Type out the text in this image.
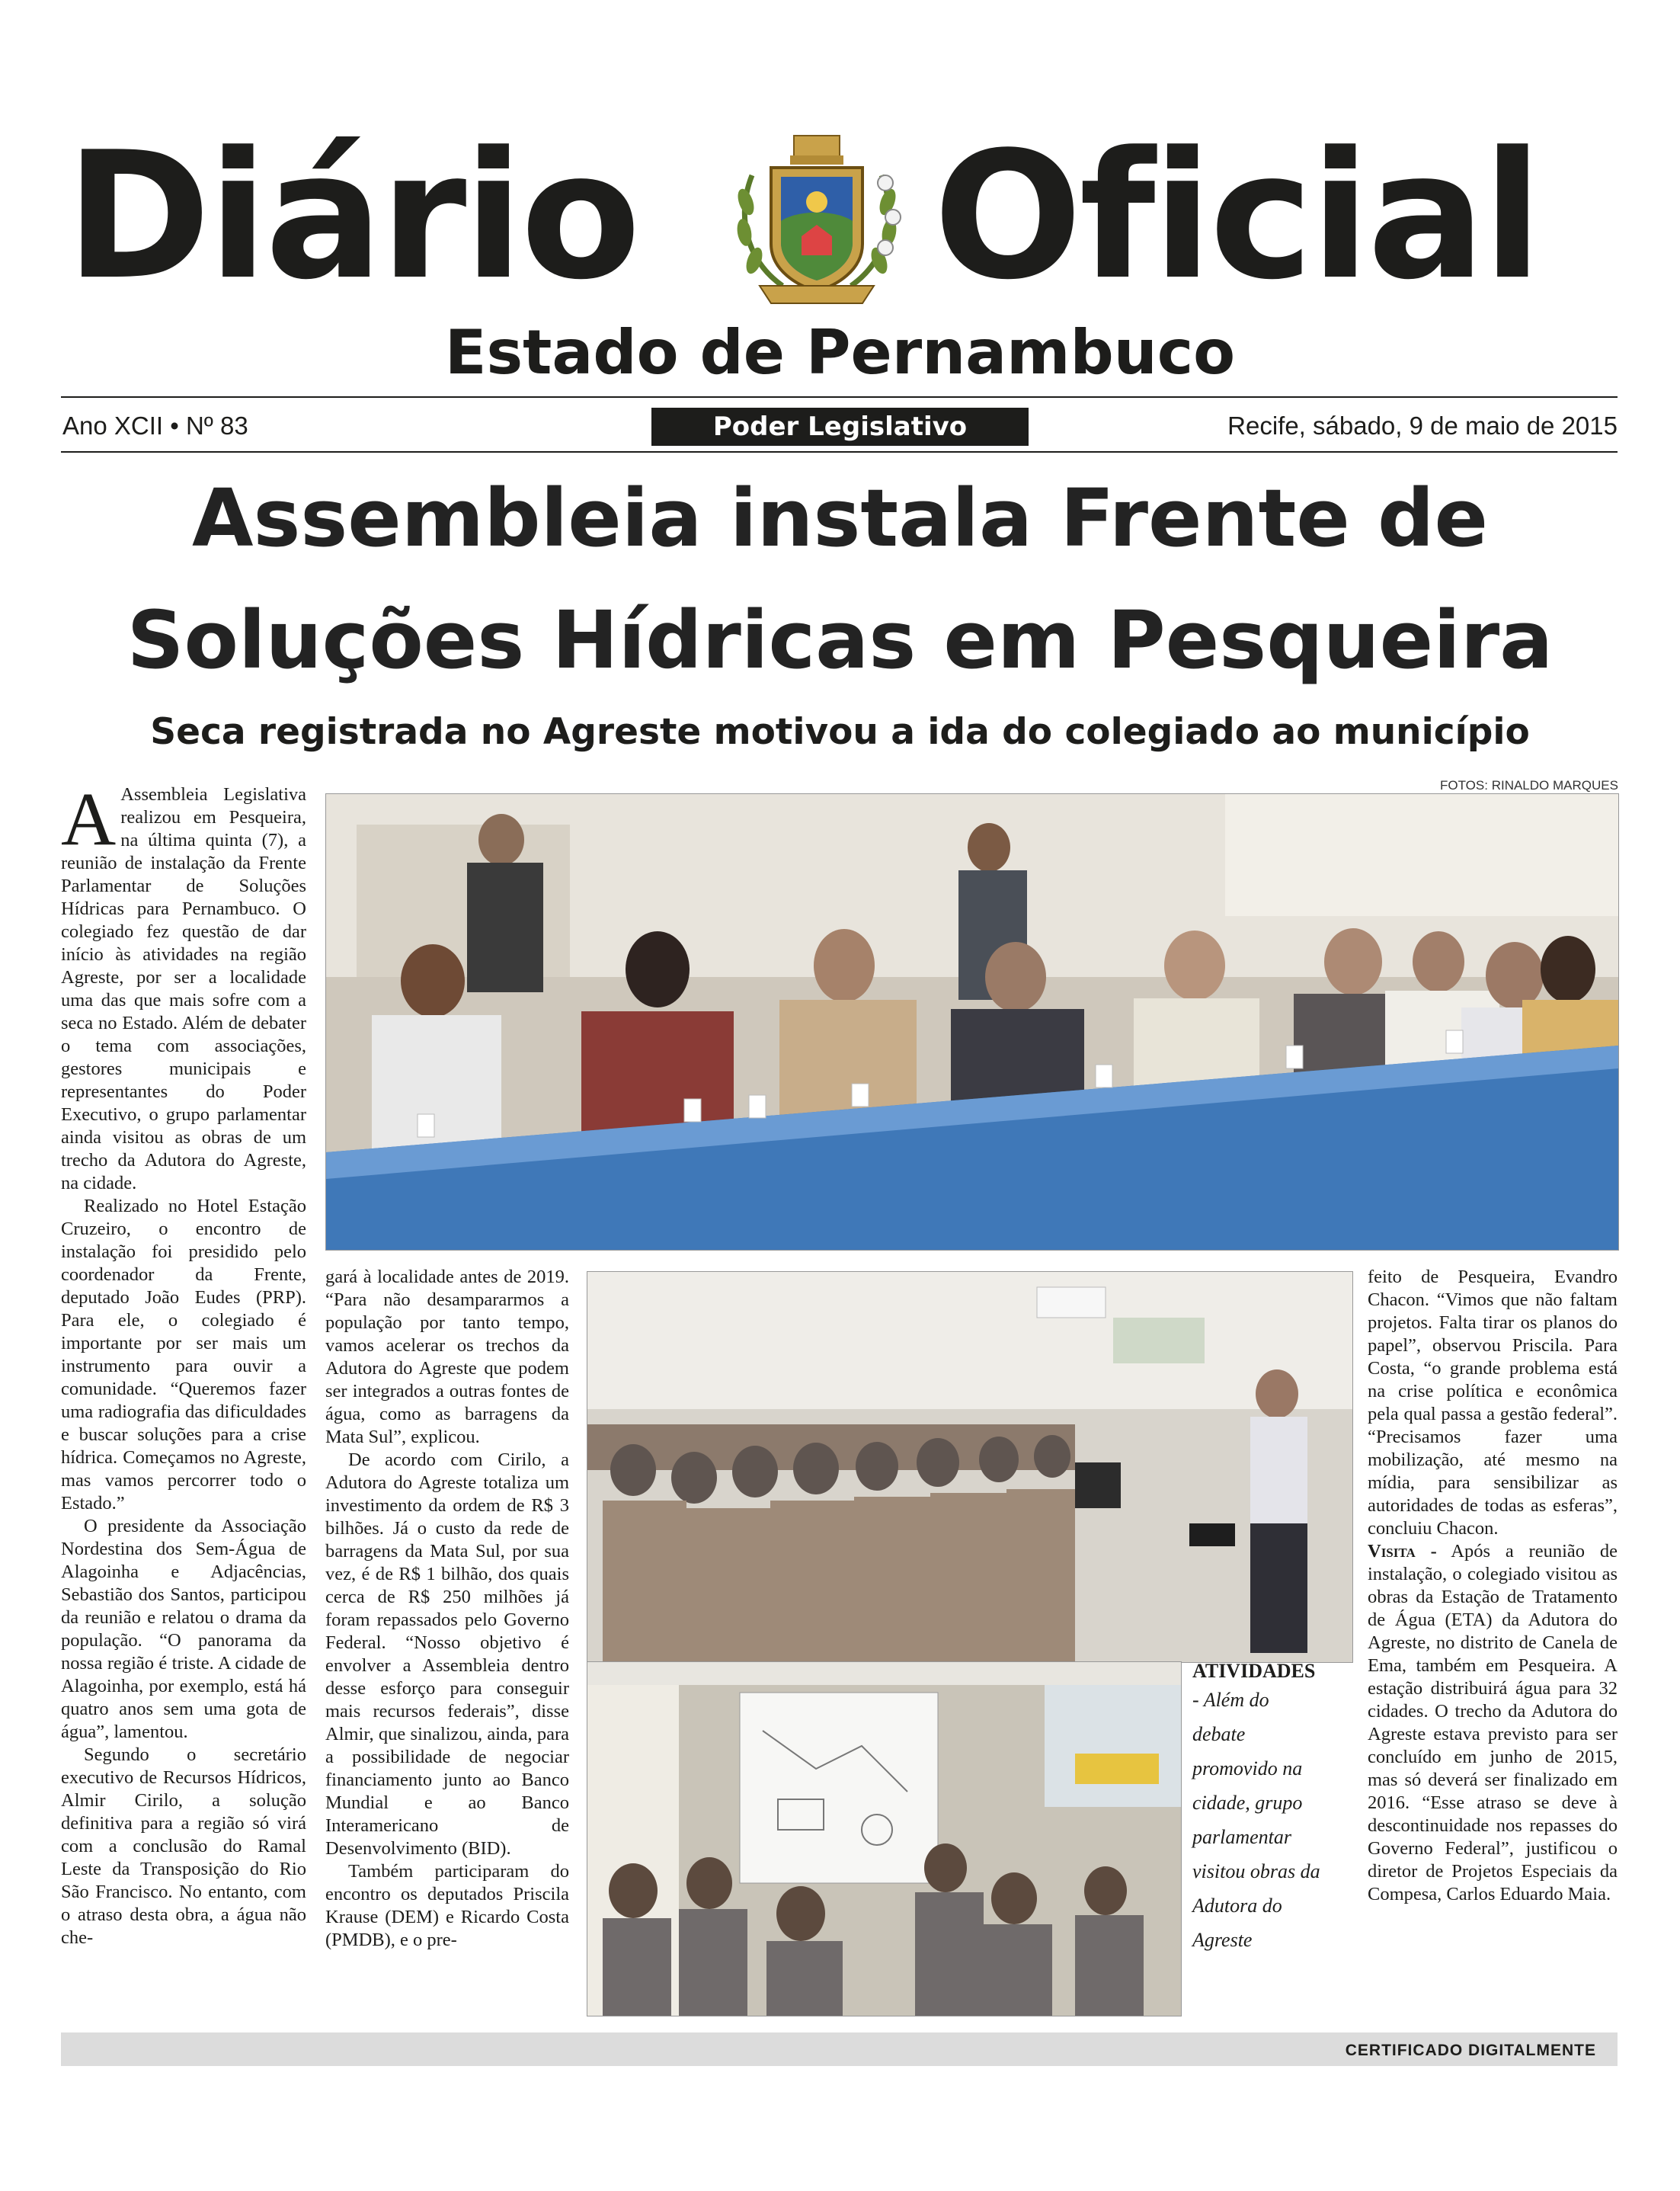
Diário Oficial
Estado de Pernambuco
Ano XCII • Nº 83	Poder Legislativo	Recife, sábado, 9 de maio de 2015
Assembleia instala Frente de
Soluções Hídricas em Pesqueira
Seca registrada no Agreste motivou a ida do colegiado ao município
FOTOS: RINALDO MARQUES

A Assembleia Legislativa realizou em Pesqueira, na última quinta (7), a reunião de instalação da Frente Parlamentar de Soluções Hídricas para Pernambuco. O colegiado fez questão de dar início às atividades na região Agreste, por ser a localidade uma das que mais sofre com a seca no Estado. Além de debater o tema com associações, gestores municipais e representantes do Poder Executivo, o grupo parlamentar ainda visitou as obras de um trecho da Adutora do Agreste, na cidade.

Realizado no Hotel Estação Cruzeiro, o encontro de instalação foi presidido pelo coordenador da Frente, deputado João Eudes (PRP). Para ele, o colegiado é importante por ser mais um instrumento para ouvir a comunidade. “Queremos fazer uma radiografia das dificuldades e buscar soluções para a crise hídrica. Começamos no Agreste, mas vamos percorrer todo o Estado.”

O presidente da Associação Nordestina dos Sem-Água de Alagoinha e Adjacências, Sebastião dos Santos, participou da reunião e relatou o drama da população. “O panorama da nossa região é triste. A cidade de Alagoinha, por exemplo, está há quatro anos sem uma gota de água”, lamentou.

Segundo o secretário executivo de Recursos Hídricos, Almir Cirilo, a solução definitiva para a região só virá com a conclusão do Ramal Leste da Transposição do Rio São Francisco. No entanto, com o atraso desta obra, a água não che-

gará à localidade antes de 2019. “Para não desampararmos a população por tanto tempo, vamos acelerar os trechos da Adutora do Agreste que podem ser integrados a outras fontes de água, como as barragens da Mata Sul”, explicou.

De acordo com Cirilo, a Adutora do Agreste totaliza um investimento da ordem de R$ 3 bilhões. Já o custo da rede de barragens da Mata Sul, por sua vez, é de R$ 1 bilhão, dos quais cerca de R$ 250 milhões já foram repassados pelo Governo Federal. “Nosso objetivo é envolver a Assembleia dentro desse esforço para conseguir mais recursos federais”, disse Almir, que sinalizou, ainda, para a possibilidade de negociar financiamento junto ao Banco Mundial e ao Banco Interamericano de Desenvolvimento (BID).

Também participaram do encontro os deputados Priscila Krause (DEM) e Ricardo Costa (PMDB), e o pre-

ATIVIDADES
- Além do debate promovido na cidade, grupo parlamentar visitou obras da Adutora do Agreste

feito de Pesqueira, Evandro Chacon. “Vimos que não faltam projetos. Falta tirar os planos do papel”, observou Priscila. Para Costa, “o grande problema está na crise política e econômica pela qual passa a gestão federal”. “Precisamos fazer uma mobilização, até mesmo na mídia, para sensibilizar as autoridades de todas as esferas”, concluiu Chacon.

Visita - Após a reunião de instalação, o colegiado visitou as obras da Estação de Tratamento de Água (ETA) da Adutora do Agreste, no distrito de Canela de Ema, também em Pesqueira. A estação distribuirá água para 32 cidades. O trecho da Adutora do Agreste estava previsto para ser concluído em junho de 2015, mas só deverá ser finalizado em 2016. “Esse atraso se deve à descontinuidade nos repasses do Governo Federal”, justificou o diretor de Projetos Especiais da Compesa, Carlos Eduardo Maia.

CERTIFICADO DIGITALMENTE
